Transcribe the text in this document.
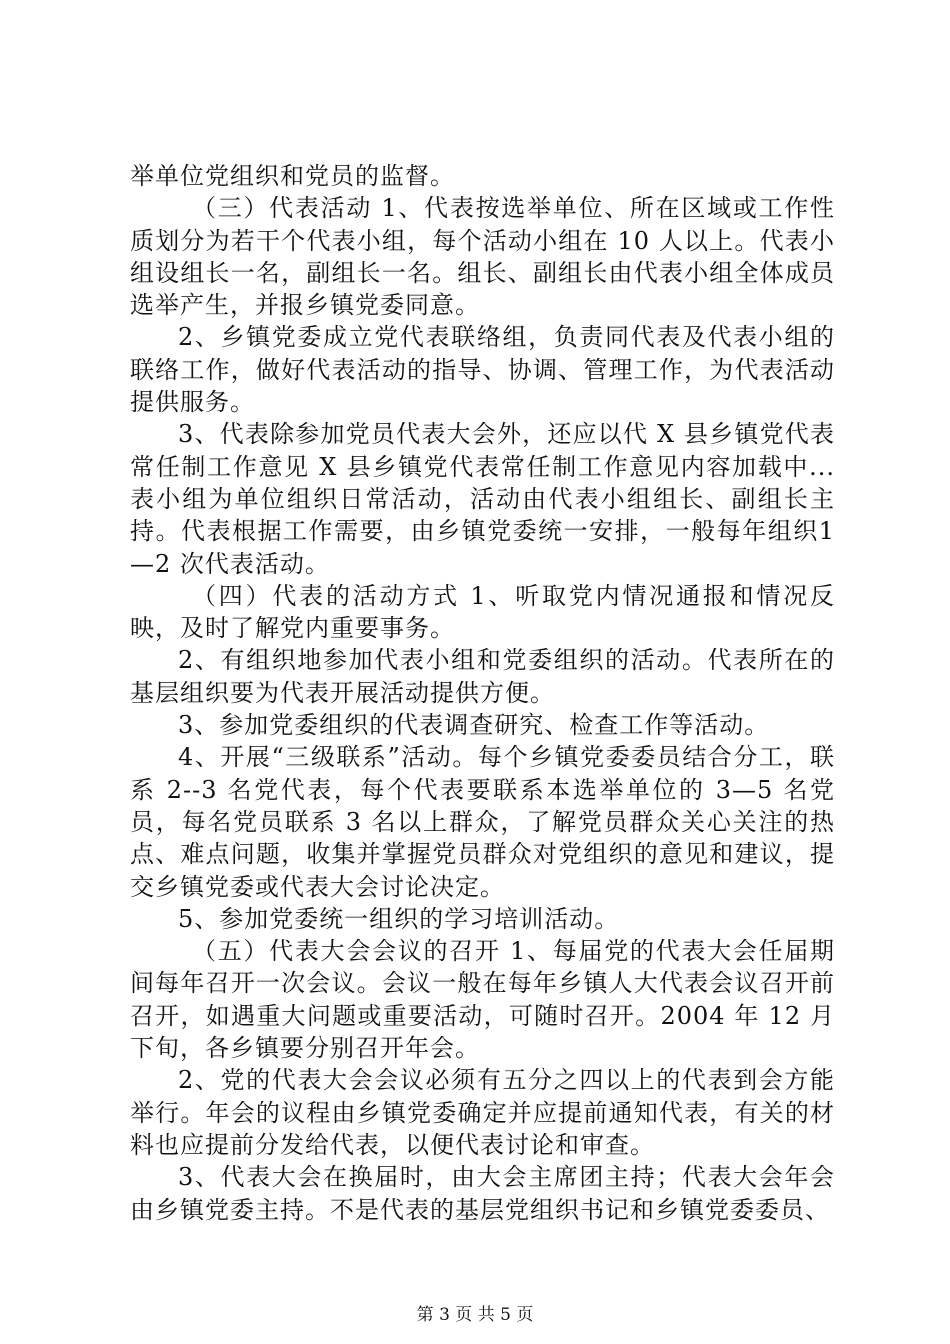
举单位党组织和党员的监督。

（三）代表活动 1、代表按选举单位、所在区域或工作性质划分为若干个代表小组，每个活动小组在 10 人以上。代表小组设组长一名，副组长一名。组长、副组长由代表小组全体成员选举产生，并报乡镇党委同意。

2、乡镇党委成立党代表联络组，负责同代表及代表小组的联络工作，做好代表活动的指导、协调、管理工作，为代表活动提供服务。

3、代表除参加党员代表大会外，还应以代 X 县乡镇党代表常任制工作意见 X 县乡镇党代表常任制工作意见内容加载中...表小组为单位组织日常活动，活动由代表小组组长、副组长主持。代表根据工作需要，由乡镇党委统一安排，一般每年组织1—2 次代表活动。

（四）代表的活动方式 1、听取党内情况通报和情况反映，及时了解党内重要事务。

2、有组织地参加代表小组和党委组织的活动。代表所在的基层组织要为代表开展活动提供方便。

3、参加党委组织的代表调查研究、检查工作等活动。

4、开展“三级联系”活动。每个乡镇党委委员结合分工，联系 2--3 名党代表，每个代表要联系本选举单位的 3—5 名党员，每名党员联系 3 名以上群众，了解党员群众关心关注的热点、难点问题，收集并掌握党员群众对党组织的意见和建议，提交乡镇党委或代表大会讨论决定。

5、参加党委统一组织的学习培训活动。

（五）代表大会会议的召开 1、每届党的代表大会任届期间每年召开一次会议。会议一般在每年乡镇人大代表会议召开前召开，如遇重大问题或重要活动，可随时召开。2004 年 12 月下旬，各乡镇要分别召开年会。

2、党的代表大会会议必须有五分之四以上的代表到会方能举行。年会的议程由乡镇党委确定并应提前通知代表，有关的材料也应提前分发给代表，以便代表讨论和审查。

3、代表大会在换届时，由大会主席团主持；代表大会年会由乡镇党委主持。不是代表的基层党组织书记和乡镇党委委员、

第 3 页 共 5 页
